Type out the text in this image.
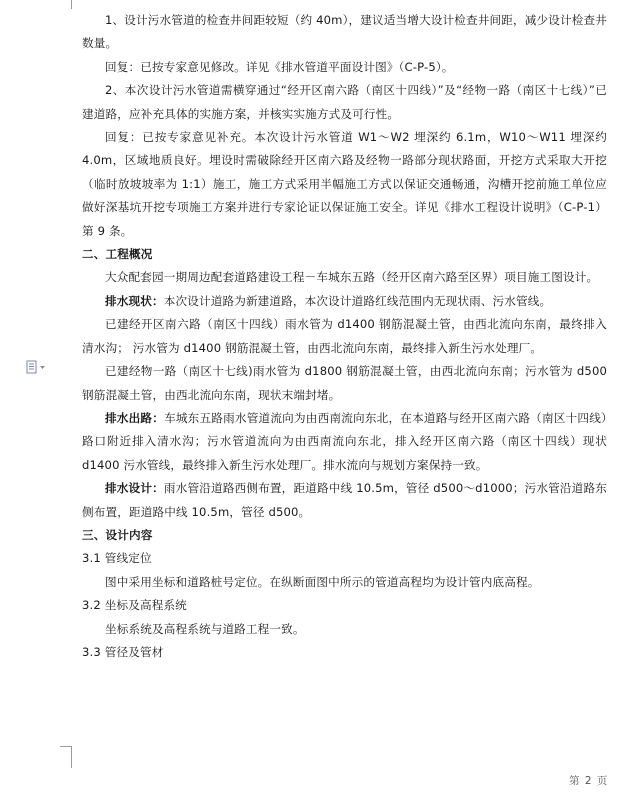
1、设计污水管道的检查井间距较短（约 40m），建议适当增大设计检查井间距，减少设计检查井数量。

回复：已按专家意见修改。详见《排水管道平面设计图》（C-P-5）。

2、本次设计污水管道需横穿通过“经开区南六路（南区十四线）”及“经物一路（南区十七线）”已建道路，应补充具体的实施方案，并核实实施方式及可行性。

回复：已按专家意见补充。本次设计污水管道 W1～W2 埋深约 6.1m，W10～W11 埋深约 4.0m，区域地质良好。埋设时需破除经开区南六路及经物一路部分现状路面，开挖方式采取大开挖（临时放坡坡率为 1:1）施工，施工方式采用半幅施工方式以保证交通畅通，沟槽开挖前施工单位应做好深基坑开挖专项施工方案并进行专家论证以保证施工安全。详见《排水工程设计说明》（C-P-1）第 9 条。

二、工程概况

大众配套园一期周边配套道路建设工程－车城东五路（经开区南六路至区界）项目施工图设计。

排水现状：本次设计道路为新建道路，本次设计道路红线范围内无现状雨、污水管线。

已建经开区南六路（南区十四线）雨水管为 d1400 钢筋混凝土管，由西北流向东南，最终排入清水沟； 污水管为 d1400 钢筋混凝土管，由西北流向东南，最终排入新生污水处理厂。

已建经物一路（南区十七线)雨水管为 d1800 钢筋混凝土管，由西北流向东南；污水管为 d500 钢筋混凝土管，由西北流向东南，现状末端封堵。

排水出路：车城东五路雨水管道流向为由西南流向东北，在本道路与经开区南六路（南区十四线）路口附近排入清水沟；污水管道流向为由西南流向东北，排入经开区南六路（南区十四线）现状 d1400 污水管线，最终排入新生污水处理厂。排水流向与规划方案保持一致。

排水设计：雨水管沿道路西侧布置，距道路中线 10.5m，管径 d500～d1000；污水管沿道路东侧布置，距道路中线 10.5m，管径 d500。

三、设计内容

3.1 管线定位

图中采用坐标和道路桩号定位。在纵断面图中所示的管道高程均为设计管内底高程。

3.2 坐标及高程系统

坐标系统及高程系统与道路工程一致。

3.3 管径及管材

第 2 页
